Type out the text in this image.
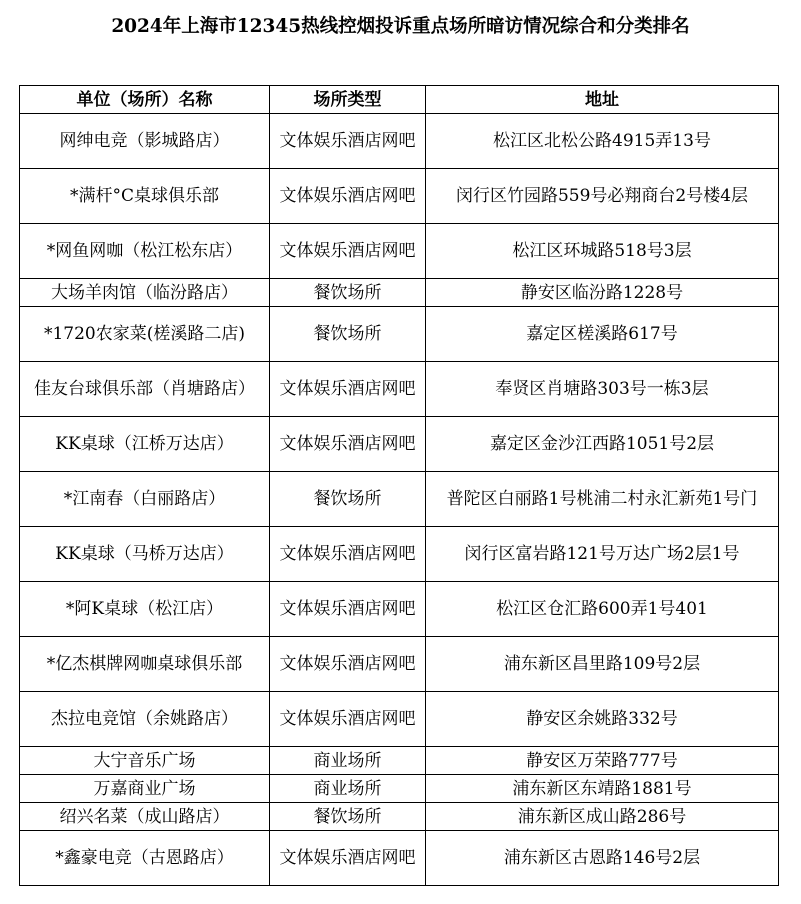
2024年上海市12345热线控烟投诉重点场所暗访情况综合和分类排名
单位（场所）名称	场所类型	地址
网绅电竞（影城路店）	文体娱乐酒店网吧	松江区北松公路4915弄13号
*满杆°C桌球俱乐部	文体娱乐酒店网吧	闵行区竹园路559号必翔商台2号楼4层
*网鱼网咖（松江松东店）	文体娱乐酒店网吧	松江区环城路518号3层
大场羊肉馆（临汾路店）	餐饮场所	静安区临汾路1228号
*1720农家菜(槎溪路二店)	餐饮场所	嘉定区槎溪路617号
佳友台球俱乐部（肖塘路店）	文体娱乐酒店网吧	奉贤区肖塘路303号一栋3层
KK桌球（江桥万达店）	文体娱乐酒店网吧	嘉定区金沙江西路1051号2层
*江南春（白丽路店）	餐饮场所	普陀区白丽路1号桃浦二村永汇新苑1号门
KK桌球（马桥万达店）	文体娱乐酒店网吧	闵行区富岩路121号万达广场2层1号
*阿K桌球（松江店）	文体娱乐酒店网吧	松江区仓汇路600弄1号401
*亿杰棋牌网咖桌球俱乐部	文体娱乐酒店网吧	浦东新区昌里路109号2层
杰拉电竞馆（余姚路店）	文体娱乐酒店网吧	静安区余姚路332号
大宁音乐广场	商业场所	静安区万荣路777号
万嘉商业广场	商业场所	浦东新区东靖路1881号
绍兴名菜（成山路店）	餐饮场所	浦东新区成山路286号
*鑫豪电竞（古恩路店）	文体娱乐酒店网吧	浦东新区古恩路146号2层
